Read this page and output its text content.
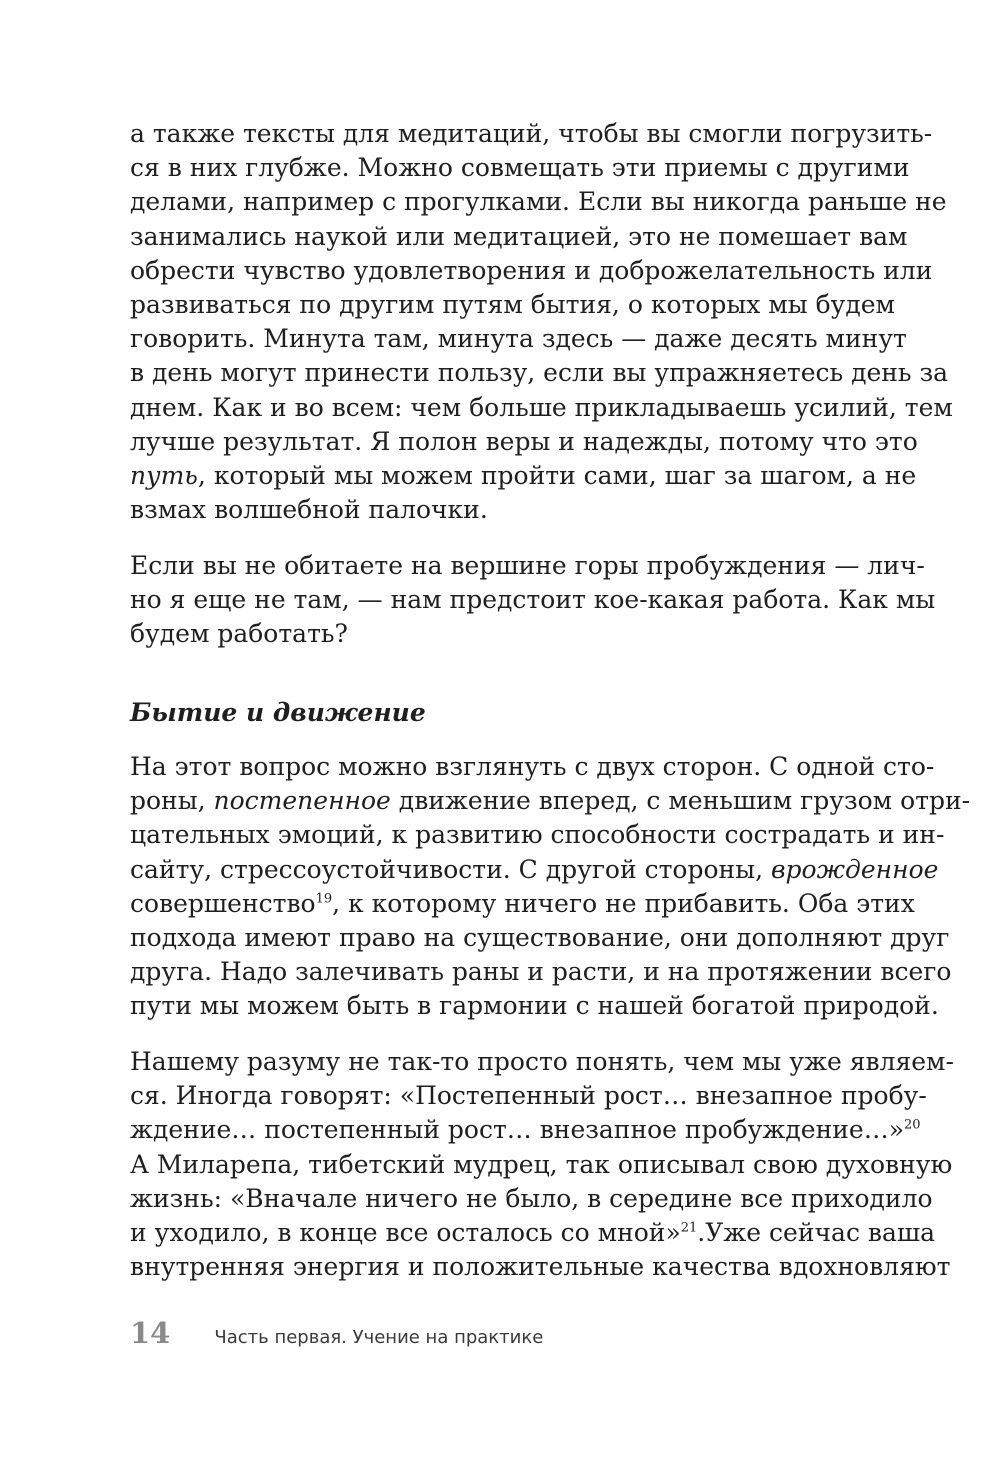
а также тексты для медитаций, чтобы вы смогли погрузить-
ся в них глубже. Можно совмещать эти приемы с другими
делами, например с прогулками. Если вы никогда раньше не
занимались наукой или медитацией, это не помешает вам
обрести чувство удовлетворения и доброжелательность или
развиваться по другим путям бытия, о которых мы будем
говорить. Минута там, минута здесь — даже десять минут
в день могут принести пользу, если вы упражняетесь день за
днем. Как и во всем: чем больше прикладываешь усилий, тем
лучше результат. Я полон веры и надежды, потому что это
путь, который мы можем пройти сами, шаг за шагом, а не
взмах волшебной палочки.
Если вы не обитаете на вершине горы пробуждения — лич-
но я еще не там, — нам предстоит кое-какая работа. Как мы
будем работать?
Бытие и движение
На этот вопрос можно взглянуть с двух сторон. С одной сто-
роны, постепенное движение вперед, с меньшим грузом отри-
цательных эмоций, к развитию способности сострадать и ин-
сайту, стрессоустойчивости. С другой стороны, врожденное
совершенство$^{19}$, к которому ничего не прибавить. Оба этих
подхода имеют право на существование, они дополняют друг
друга. Надо залечивать раны и расти, и на протяжении всего
пути мы можем быть в гармонии с нашей богатой природой.
Нашему разуму не так-то просто понять, чем мы уже являем-
ся. Иногда говорят: «Постепенный рост… внезапное пробу-
ждение… постепенный рост… внезапное пробуждение…»$^{20}$
А Миларепа, тибетский мудрец, так описывал свою духовную
жизнь: «Вначале ничего не было, в середине все приходило
и уходило, в конце все осталось со мной»$^{21}$.Уже сейчас ваша
внутренняя энергия и положительные качества вдохновляют
14 Часть первая. Учение на практике
